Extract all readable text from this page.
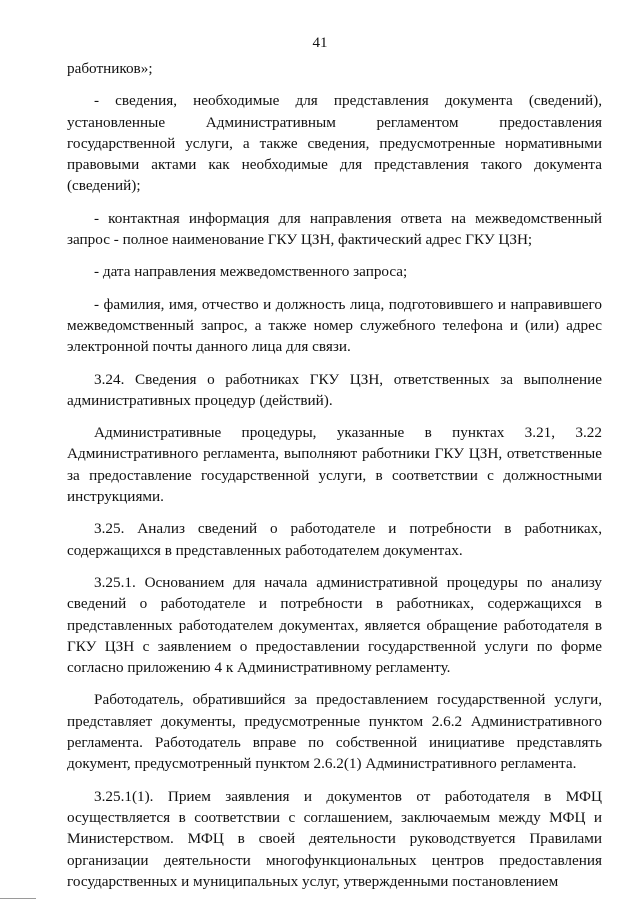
41

работников»;

- сведения, необходимые для представления документа (сведений), установленные Административным регламентом предоставления государственной услуги, а также сведения, предусмотренные нормативными правовыми актами как необходимые для представления такого документа (сведений);

- контактная информация для направления ответа на межведомственный запрос - полное наименование ГКУ ЦЗН, фактический адрес ГКУ ЦЗН;

- дата направления межведомственного запроса;

- фамилия, имя, отчество и должность лица, подготовившего и направившего межведомственный запрос, а также номер служебного телефона и (или) адрес электронной почты данного лица для связи.

3.24. Сведения о работниках ГКУ ЦЗН, ответственных за выполнение административных процедур (действий).

Административные процедуры, указанные в пунктах 3.21, 3.22 Административного регламента, выполняют работники ГКУ ЦЗН, ответственные за предоставление государственной услуги, в соответствии с должностными инструкциями.

3.25. Анализ сведений о работодателе и потребности в работниках, содержащихся в представленных работодателем документах.

3.25.1. Основанием для начала административной процедуры по анализу сведений о работодателе и потребности в работниках, содержащихся в представленных работодателем документах, является обращение работодателя в ГКУ ЦЗН с заявлением о предоставлении государственной услуги по форме согласно приложению 4 к Административному регламенту.

Работодатель, обратившийся за предоставлением государственной услуги, представляет документы, предусмотренные пунктом 2.6.2 Административного регламента. Работодатель вправе по собственной инициативе представлять документ, предусмотренный пунктом 2.6.2(1) Административного регламента.

3.25.1(1). Прием заявления и документов от работодателя в МФЦ осуществляется в соответствии с соглашением, заключаемым между МФЦ и Министерством. МФЦ в своей деятельности руководствуется Правилами организации деятельности многофункциональных центров предоставления государственных и муниципальных услуг, утвержденными постановлением
